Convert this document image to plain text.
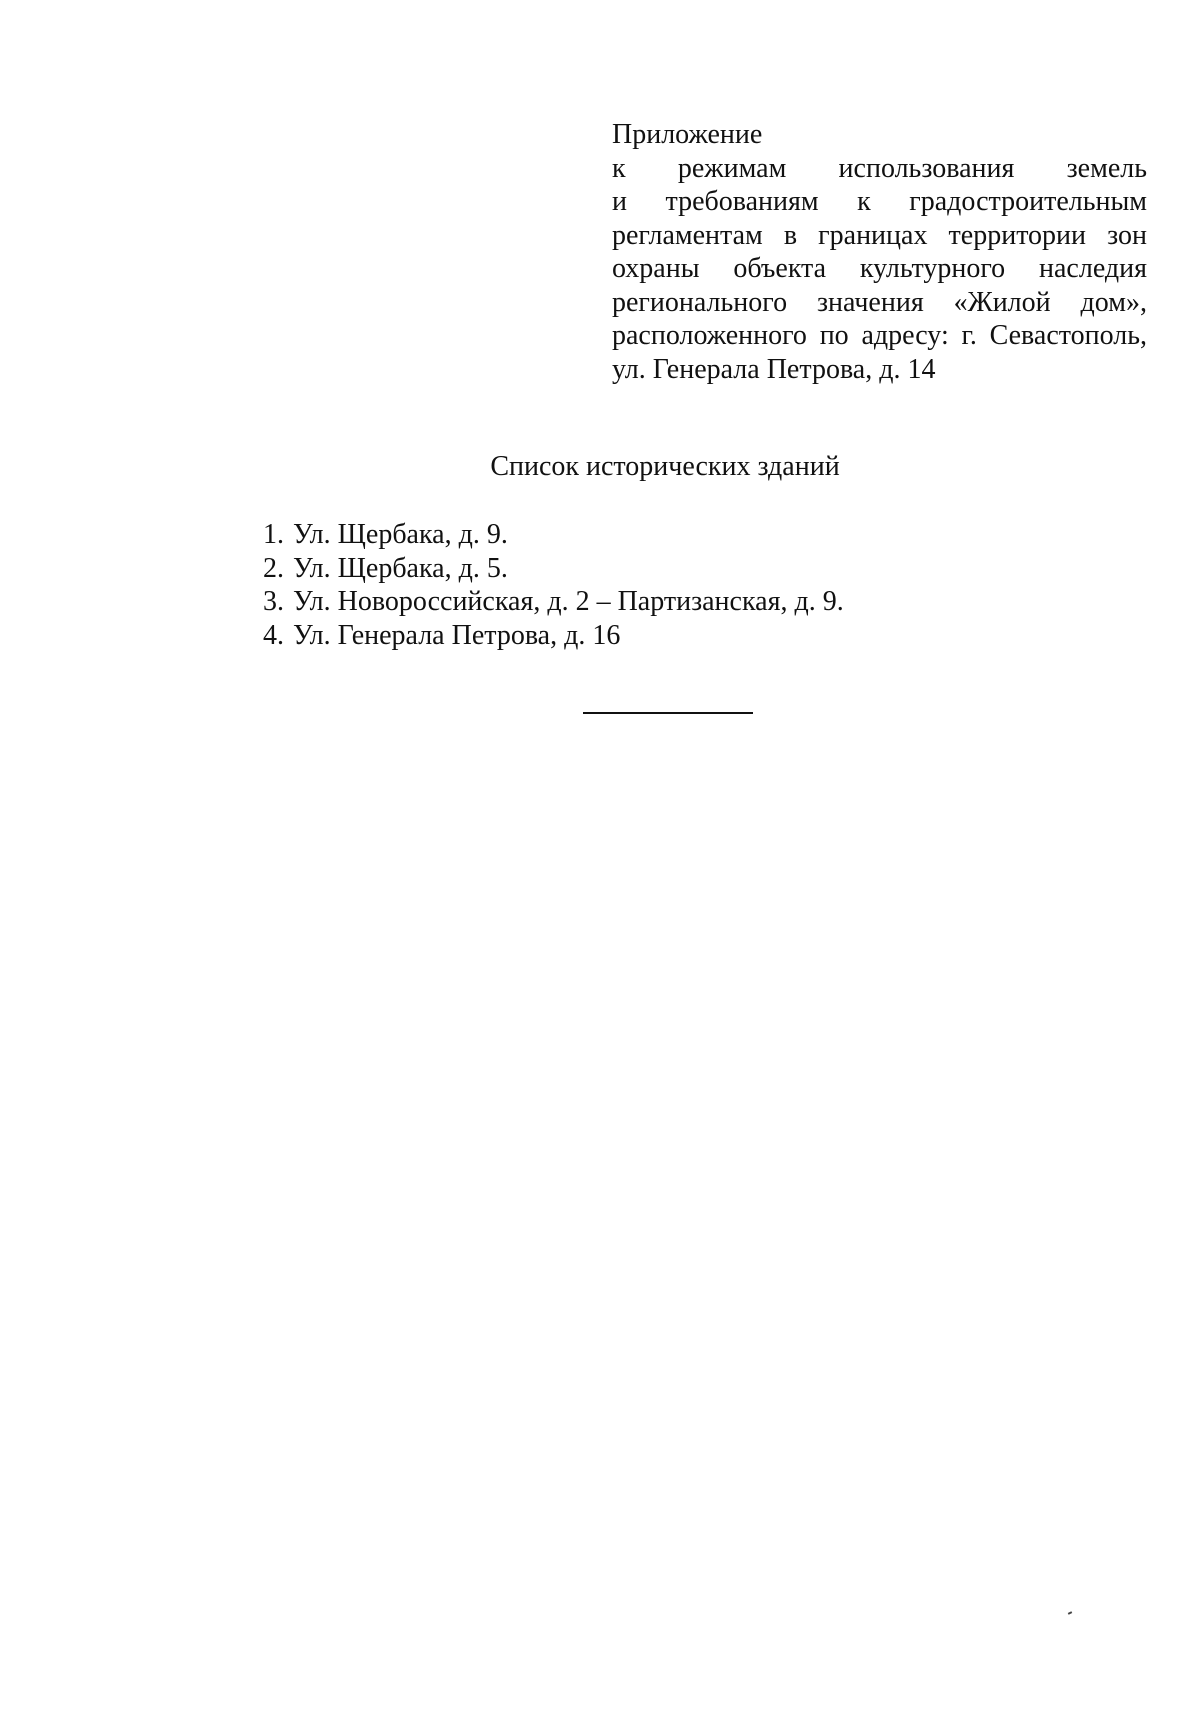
Приложение
к режимам использования земель
и требованиям к градостроительным
регламентам в границах территории зон
охраны объекта культурного наследия
регионального значения «Жилой дом»,
расположенного по адресу: г. Севастополь,
ул. Генерала Петрова, д. 14
Список исторических зданий
1. Ул. Щербака, д. 9.
2. Ул. Щербака, д. 5.
3. Ул. Новороссийская, д. 2 – Партизанская, д. 9.
4. Ул. Генерала Петрова, д. 16
